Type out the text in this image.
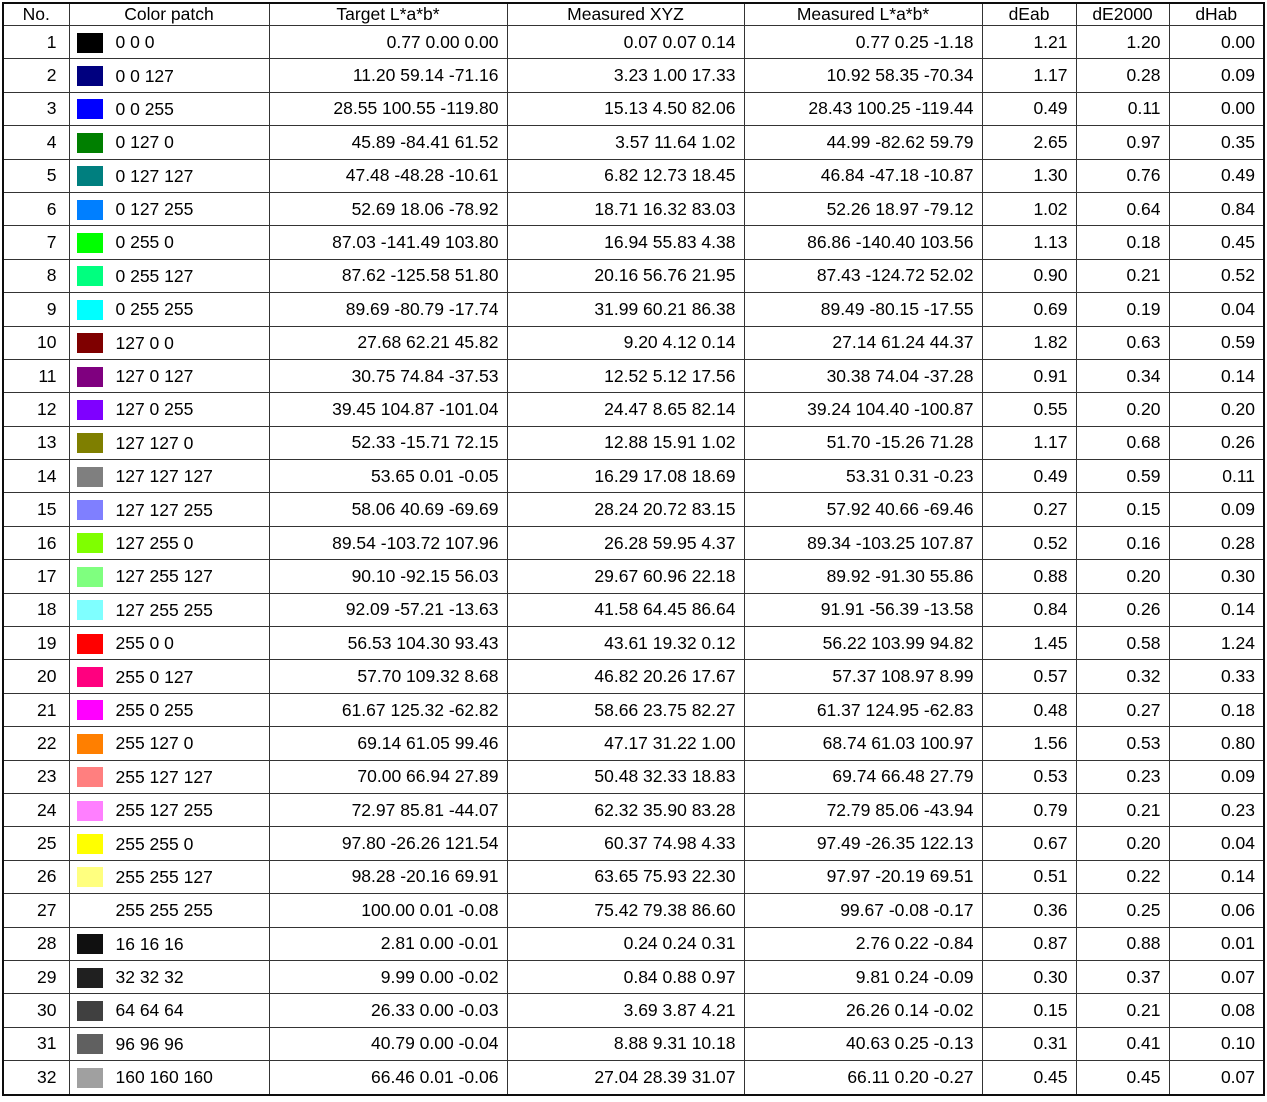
No.	Color patch	Target L*a*b*	Measured XYZ	Measured L*a*b*	dEab	dE2000	dHab
1	0 0 0	0.77 0.00 0.00	0.07 0.07 0.14	0.77 0.25 -1.18	1.21	1.20	0.00
2	0 0 127	11.20 59.14 -71.16	3.23 1.00 17.33	10.92 58.35 -70.34	1.17	0.28	0.09
3	0 0 255	28.55 100.55 -119.80	15.13 4.50 82.06	28.43 100.25 -119.44	0.49	0.11	0.00
4	0 127 0	45.89 -84.41 61.52	3.57 11.64 1.02	44.99 -82.62 59.79	2.65	0.97	0.35
5	0 127 127	47.48 -48.28 -10.61	6.82 12.73 18.45	46.84 -47.18 -10.87	1.30	0.76	0.49
6	0 127 255	52.69 18.06 -78.92	18.71 16.32 83.03	52.26 18.97 -79.12	1.02	0.64	0.84
7	0 255 0	87.03 -141.49 103.80	16.94 55.83 4.38	86.86 -140.40 103.56	1.13	0.18	0.45
8	0 255 127	87.62 -125.58 51.80	20.16 56.76 21.95	87.43 -124.72 52.02	0.90	0.21	0.52
9	0 255 255	89.69 -80.79 -17.74	31.99 60.21 86.38	89.49 -80.15 -17.55	0.69	0.19	0.04
10	127 0 0	27.68 62.21 45.82	9.20 4.12 0.14	27.14 61.24 44.37	1.82	0.63	0.59
11	127 0 127	30.75 74.84 -37.53	12.52 5.12 17.56	30.38 74.04 -37.28	0.91	0.34	0.14
12	127 0 255	39.45 104.87 -101.04	24.47 8.65 82.14	39.24 104.40 -100.87	0.55	0.20	0.20
13	127 127 0	52.33 -15.71 72.15	12.88 15.91 1.02	51.70 -15.26 71.28	1.17	0.68	0.26
14	127 127 127	53.65 0.01 -0.05	16.29 17.08 18.69	53.31 0.31 -0.23	0.49	0.59	0.11
15	127 127 255	58.06 40.69 -69.69	28.24 20.72 83.15	57.92 40.66 -69.46	0.27	0.15	0.09
16	127 255 0	89.54 -103.72 107.96	26.28 59.95 4.37	89.34 -103.25 107.87	0.52	0.16	0.28
17	127 255 127	90.10 -92.15 56.03	29.67 60.96 22.18	89.92 -91.30 55.86	0.88	0.20	0.30
18	127 255 255	92.09 -57.21 -13.63	41.58 64.45 86.64	91.91 -56.39 -13.58	0.84	0.26	0.14
19	255 0 0	56.53 104.30 93.43	43.61 19.32 0.12	56.22 103.99 94.82	1.45	0.58	1.24
20	255 0 127	57.70 109.32 8.68	46.82 20.26 17.67	57.37 108.97 8.99	0.57	0.32	0.33
21	255 0 255	61.67 125.32 -62.82	58.66 23.75 82.27	61.37 124.95 -62.83	0.48	0.27	0.18
22	255 127 0	69.14 61.05 99.46	47.17 31.22 1.00	68.74 61.03 100.97	1.56	0.53	0.80
23	255 127 127	70.00 66.94 27.89	50.48 32.33 18.83	69.74 66.48 27.79	0.53	0.23	0.09
24	255 127 255	72.97 85.81 -44.07	62.32 35.90 83.28	72.79 85.06 -43.94	0.79	0.21	0.23
25	255 255 0	97.80 -26.26 121.54	60.37 74.98 4.33	97.49 -26.35 122.13	0.67	0.20	0.04
26	255 255 127	98.28 -20.16 69.91	63.65 75.93 22.30	97.97 -20.19 69.51	0.51	0.22	0.14
27	255 255 255	100.00 0.01 -0.08	75.42 79.38 86.60	99.67 -0.08 -0.17	0.36	0.25	0.06
28	16 16 16	2.81 0.00 -0.01	0.24 0.24 0.31	2.76 0.22 -0.84	0.87	0.88	0.01
29	32 32 32	9.99 0.00 -0.02	0.84 0.88 0.97	9.81 0.24 -0.09	0.30	0.37	0.07
30	64 64 64	26.33 0.00 -0.03	3.69 3.87 4.21	26.26 0.14 -0.02	0.15	0.21	0.08
31	96 96 96	40.79 0.00 -0.04	8.88 9.31 10.18	40.63 0.25 -0.13	0.31	0.41	0.10
32	160 160 160	66.46 0.01 -0.06	27.04 28.39 31.07	66.11 0.20 -0.27	0.45	0.45	0.07
